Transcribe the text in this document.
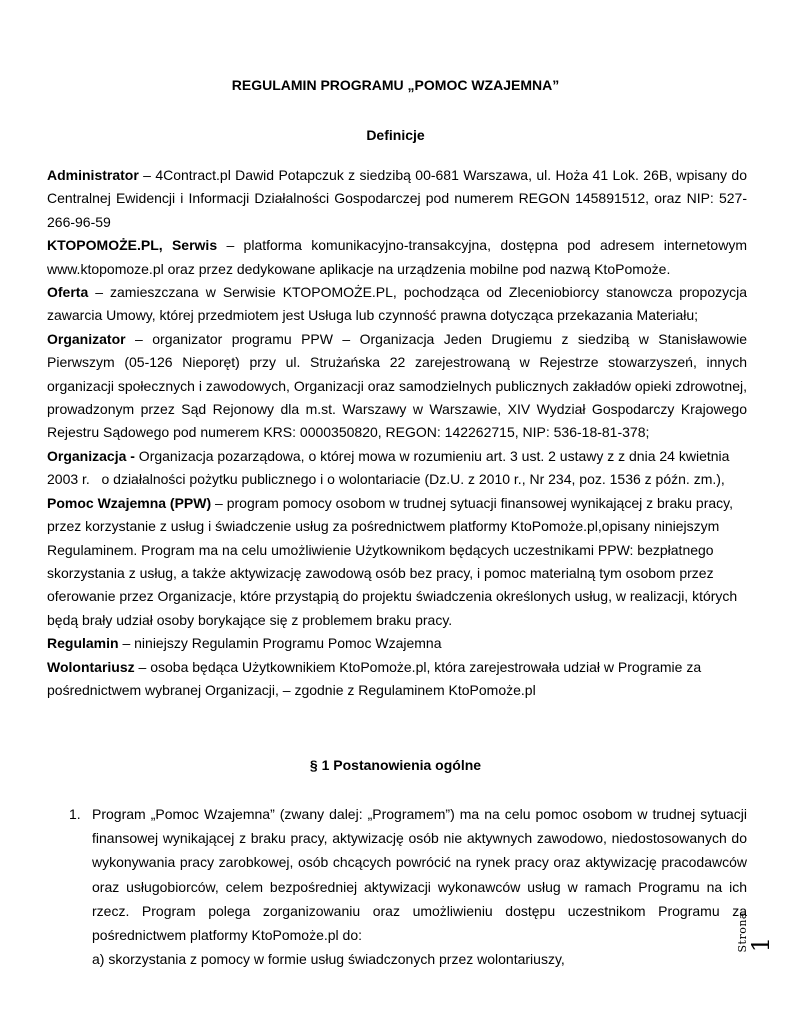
REGULAMIN PROGRAMU „POMOC WZAJEMNA”
Definicje

Administrator – 4Contract.pl Dawid Potapczuk z siedzibą 00-681 Warszawa, ul. Hoża 41 Lok. 26B, wpisany do Centralnej Ewidencji i Informacji Działalności Gospodarczej pod numerem REGON 145891512, oraz NIP: 527-266-96-59

KTOPOMOŻE.PL, Serwis – platforma komunikacyjno-transakcyjna, dostępna pod adresem internetowym www.ktopomoze.pl oraz przez dedykowane aplikacje na urządzenia mobilne pod nazwą KtoPomoże.

Oferta – zamieszczana w Serwisie KTOPOMOŻE.PL, pochodząca od Zleceniobiorcy stanowcza propozycja zawarcia Umowy, której przedmiotem jest Usługa lub czynność prawna dotycząca przekazania Materiału;

Organizator – organizator programu PPW – Organizacja Jeden Drugiemu z siedzibą w Stanisławowie Pierwszym (05-126 Nieporęt) przy ul. Strużańska 22 zarejestrowaną w Rejestrze stowarzyszeń, innych organizacji społecznych i zawodowych, Organizacji oraz samodzielnych publicznych zakładów opieki zdrowotnej, prowadzonym przez Sąd Rejonowy dla m.st. Warszawy w Warszawie, XIV Wydział Gospodarczy Krajowego Rejestru Sądowego pod numerem KRS: 0000350820, REGON: 142262715, NIP: 536-18-81-378;

Organizacja - Organizacja pozarządowa, o której mowa w rozumieniu art. 3 ust. 2 ustawy z z dnia 24 kwietnia 2003 r.   o działalności pożytku publicznego i o wolontariacie (Dz.U. z 2010 r., Nr 234, poz. 1536 z późn. zm.),

Pomoc Wzajemna (PPW) – program pomocy osobom w trudnej sytuacji finansowej wynikającej z braku pracy, przez korzystanie z usług i świadczenie usług za pośrednictwem platformy KtoPomoże.pl,opisany niniejszym Regulaminem. Program ma na celu umożliwienie Użytkownikom będących uczestnikami PPW: bezpłatnego skorzystania z usług, a także aktywizację zawodową osób bez pracy, i pomoc materialną tym osobom przez oferowanie przez Organizacje, które przystąpią do projektu świadczenia określonych usług, w realizacji, których będą brały udział osoby borykające się z problemem braku pracy.

Regulamin – niniejszy Regulamin Programu Pomoc Wzajemna

Wolontariusz – osoba będąca Użytkownikiem KtoPomoże.pl, która zarejestrowała udział w Programie za pośrednictwem wybranej Organizacji, – zgodnie z Regulaminem KtoPomoże.pl

§ 1 Postanowienia ogólne
1. Program „Pomoc Wzajemna” (zwany dalej: „Programem”) ma na celu pomoc osobom w trudnej sytuacji finansowej wynikającej z braku pracy, aktywizację osób nie aktywnych zawodowo, niedostosowanych do wykonywania pracy zarobkowej, osób chcących powrócić na rynek pracy oraz aktywizację pracodawców oraz usługobiorców, celem bezpośredniej aktywizacji wykonawców usług w ramach Programu na ich rzecz. Program polega zorganizowaniu oraz umożliwieniu dostępu uczestnikom Programu za pośrednictwem platformy KtoPomoże.pl do:

a) skorzystania z pomocy w formie usług świadczonych przez wolontariuszy,

Strona
1
